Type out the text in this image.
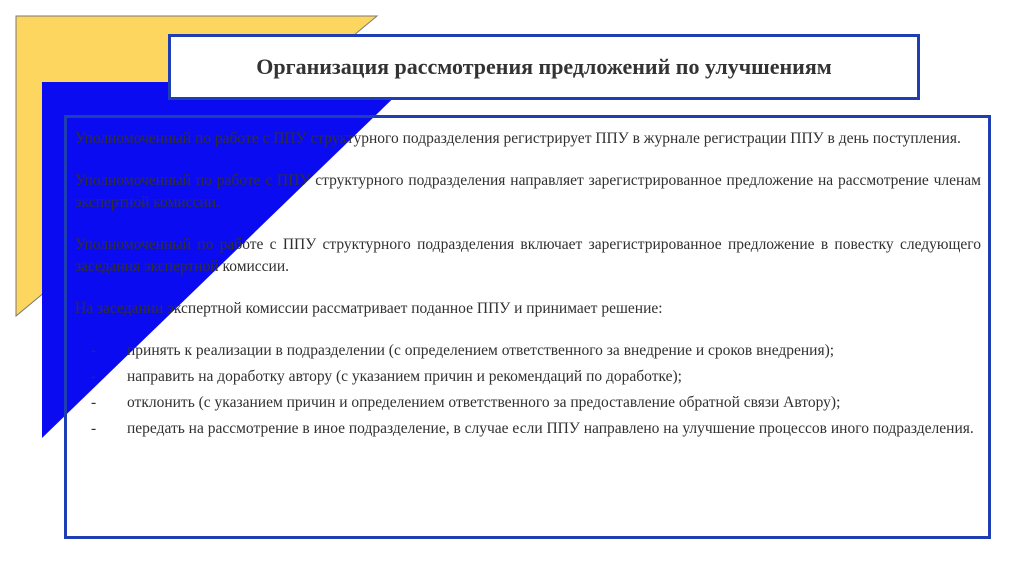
Организация рассмотрения предложений по улучшениям

Уполномоченный по работе с ППУ структурного подразделения регистрирует ППУ в журнале регистрации ППУ в день поступления.

Уполномоченный по работе с ППУ структурного подразделения направляет зарегистрированное предложение на рассмотрение членам экспертной комиссии.

Уполномоченный по работе с ППУ структурного подразделения включает зарегистрированное предложение в повестку следующего заседания экспертной комиссии.

На заседании экспертной комиссии рассматривает поданное ППУ и принимает решение:

- принять к реализации в подразделении (с определением ответственного за внедрение и сроков внедрения);
- направить на доработку автору (с указанием причин и рекомендаций по доработке);
- отклонить (с указанием причин и определением ответственного за предоставление обратной связи Автору);
- передать на рассмотрение в иное подразделение, в случае если ППУ направлено на улучшение процессов иного подразделения.
